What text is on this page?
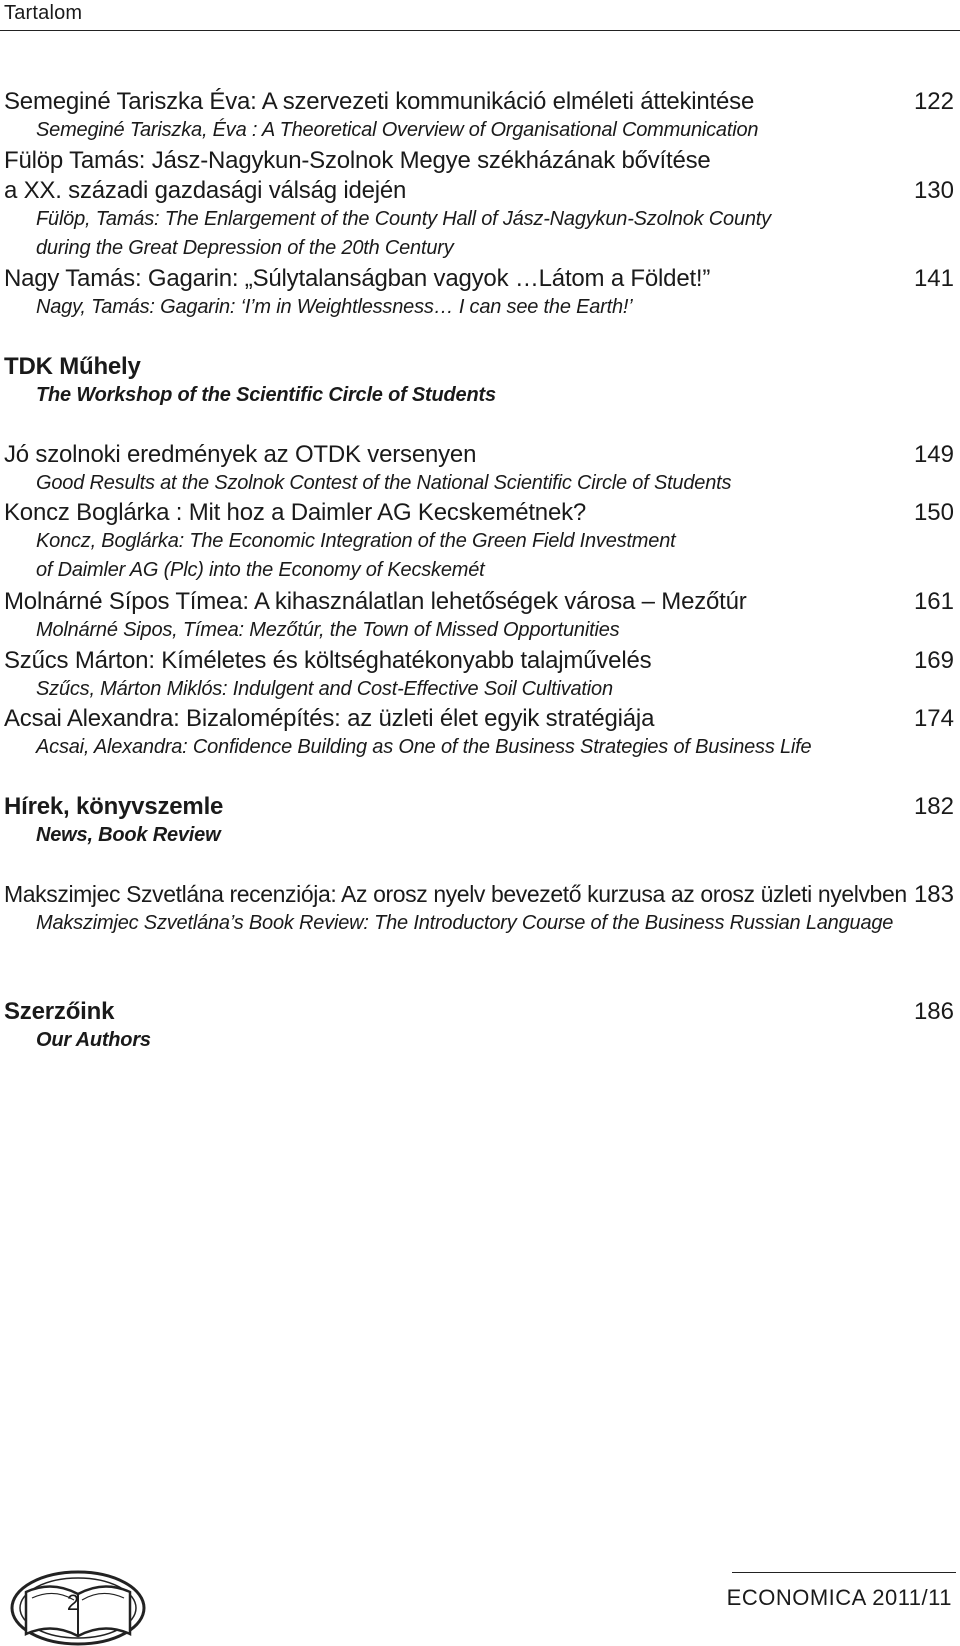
Tartalom
Semeginé Tariszka Éva: A szervezeti kommunikáció elméleti áttekintése	122
Semeginé Tariszka, Éva : A Theoretical Overview of Organisational Communication
Fülöp Tamás: Jász-Nagykun-Szolnok Megye székházának bővítése
a XX. századi gazdasági válság idején	130
Fülöp, Tamás: The Enlargement of the County Hall of Jász-Nagykun-Szolnok County
during the Great Depression of the 20th Century
Nagy Tamás: Gagarin: „Súlytalanságban vagyok …Látom a Földet!”	141
Nagy, Tamás: Gagarin: ‘I’m in Weightlessness… I can see the Earth!’
TDK Műhely
The Workshop of the Scientific Circle of Students
Jó szolnoki eredmények az OTDK versenyen	149
Good Results at the Szolnok Contest of the National Scientific Circle of Students
Koncz Boglárka : Mit hoz a Daimler AG Kecskemétnek?	150
Koncz, Boglárka: The Economic Integration of the Green Field Investment
of Daimler AG (Plc) into the Economy of Kecskemét
Molnárné Sípos Tímea: A kihasználatlan lehetőségek városa – Mezőtúr	161
Molnárné Sipos, Tímea: Mezőtúr, the Town of Missed Opportunities
Szűcs Márton: Kíméletes és költséghatékonyabb talajművelés	169
Szűcs, Márton Miklós: Indulgent and Cost-Effective Soil Cultivation
Acsai Alexandra: Bizalomépítés: az üzleti élet egyik stratégiája	174
Acsai, Alexandra: Confidence Building as One of the Business Strategies of Business Life
Hírek, könyvszemle	182
News, Book Review
Makszimjec Szvetlána recenziója: Az orosz nyelv bevezető kurzusa az orosz üzleti nyelvben 183
Makszimjec Szvetlána’s Book Review: The Introductory Course of the Business Russian Language
Szerzőink	186
Our Authors
2	ECONOMICA 2011/11
